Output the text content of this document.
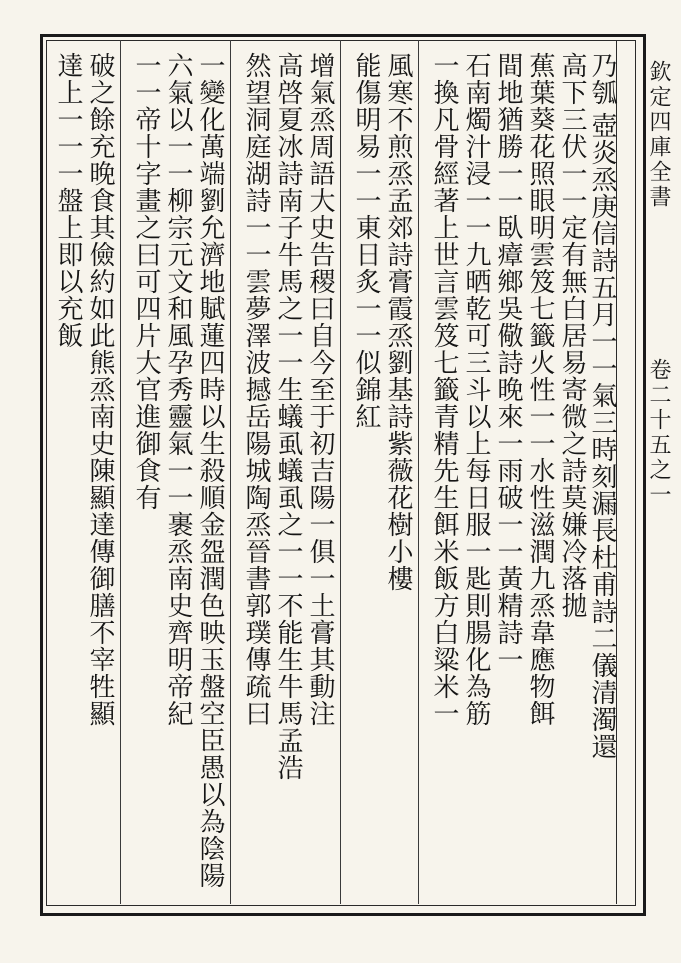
欽定四庫全書 卷二十五之一
乃瓠
壺炎烝庚信詩五月一一氣三時刻漏長杜甫詩二儀清濁還
高下三伏一一定有無白居易寄微之詩莫嫌冷落拋
蕉葉葵花照眼明雲笈七籤火性一一水性滋潤九烝韋應物餌
間地猶勝一一臥瘴鄉吳儆詩晚來一雨破一一黃精詩一
石南燭汁浸一一九晒乾可三斗以上每日服一匙則腸化為筋
一換凡骨經著上世言雲笈七籤青精先生餌米飯方白粱米一
風寒不煎烝孟郊詩膏霞烝劉基詩紫薇花樹小樓
能傷明易一一東日炙一一似錦紅
增氣烝周語大史告稷曰自今至于初吉陽一俱一土膏其動注
高啓夏冰詩南子牛馬之一一生蟻虱蟻虱之一一不能生牛馬孟浩
然望洞庭湖詩一一雲夢澤波撼岳陽城陶烝晉書郭璞傳疏曰
一變化萬端劉允濟地賦蓮四時以生殺順金盌潤色映玉盤空臣愚以為陰陽
六氣以一一柳宗元文和風孕秀靈氣一一裹烝南史齊明帝紀
一一帝十字畫之曰可四片大官進御食有
破之餘充晚食其儉約如此熊烝南史陳顯達傳御膳不宰牲顯
達上一一一盤上即以充飯
